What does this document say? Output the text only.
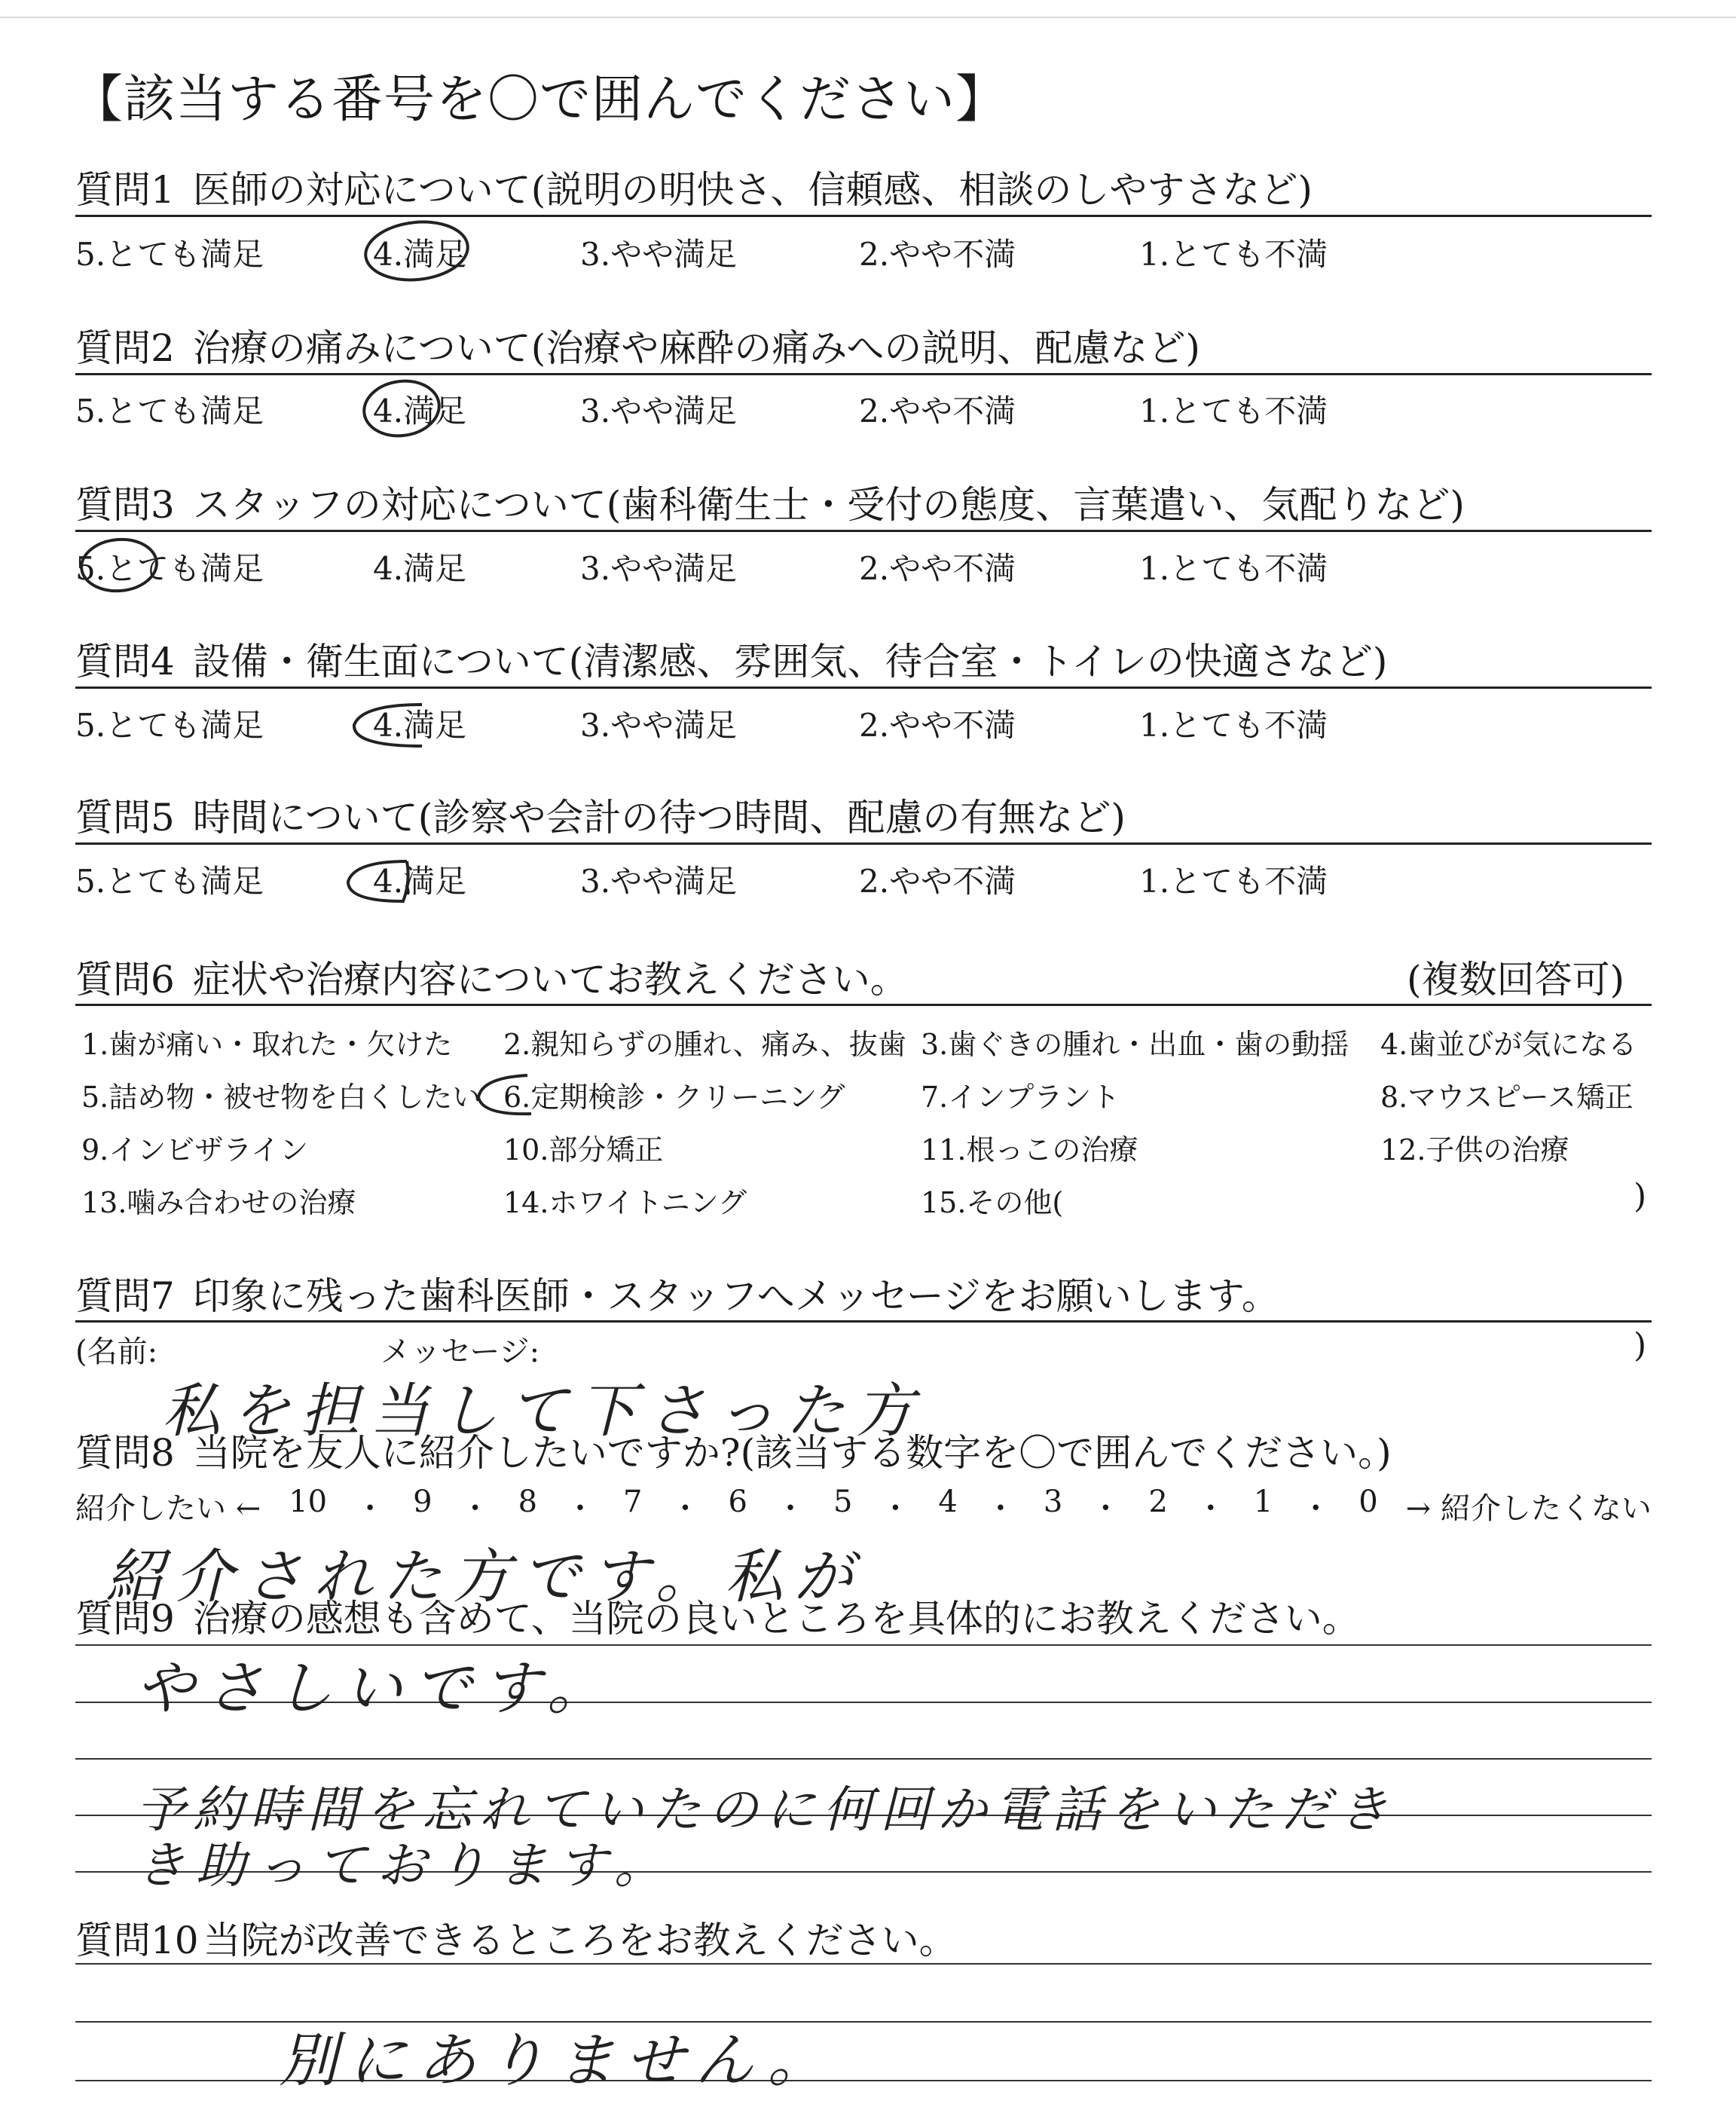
【該当する番号を〇で囲んでください】
質問1 医師の対応について(説明の明快さ、信頼感、相談のしやすさなど)
5.とても満足	4.満足	3.やや満足	2.やや不満	1.とても不満
質問2 治療の痛みについて(治療や麻酔の痛みへの説明、配慮など)
5.とても満足	4.満足	3.やや満足	2.やや不満	1.とても不満
質問3 スタッフの対応について(歯科衛生士・受付の態度、言葉遣い、気配りなど)
5.とても満足	4.満足	3.やや満足	2.やや不満	1.とても不満
質問4 設備・衛生面について(清潔感、雰囲気、待合室・トイレの快適さなど)
5.とても満足	4.満足	3.やや満足	2.やや不満	1.とても不満
質問5 時間について(診察や会計の待つ時間、配慮の有無など)
5.とても満足	4.満足	3.やや満足	2.やや不満	1.とても不満
質問6 症状や治療内容についてお教えください。	(複数回答可)
1.歯が痛い・取れた・欠けた 2.親知らずの腫れ、痛み、抜歯 3.歯ぐきの腫れ・出血・歯の動揺 4.歯並びが気になる
5.詰め物・被せ物を白くしたい 6.定期検診・クリーニング	7.インプラント	8.マウスピース矯正
9.インビザライン	10.部分矯正	11.根っこの治療	12.子供の治療
13.噛み合わせの治療	14.ホワイトニング	15.その他(	)
質問7 印象に残った歯科医師・スタッフへメッセージをお願いします。
(名前:	メッセージ:	)
私を担当して下さった方
質問8 当院を友人に紹介したいですか?(該当する数字を〇で囲んでください。)
紹介したい ← 10 ・ 9 ・ 8 ・ 7 ・ 6 ・ 5 ・ 4 ・ 3 ・ 2 ・ 1 ・ 0 → 紹介したくない
紹介された方です。私が
質問9 治療の感想も含めて、当院の良いところを具体的にお教えください。
やさしいです。
予約時間を忘れていたのに何回か電話をいただき
き助っております。
質問10 当院が改善できるところをお教えください。
別にありません。
